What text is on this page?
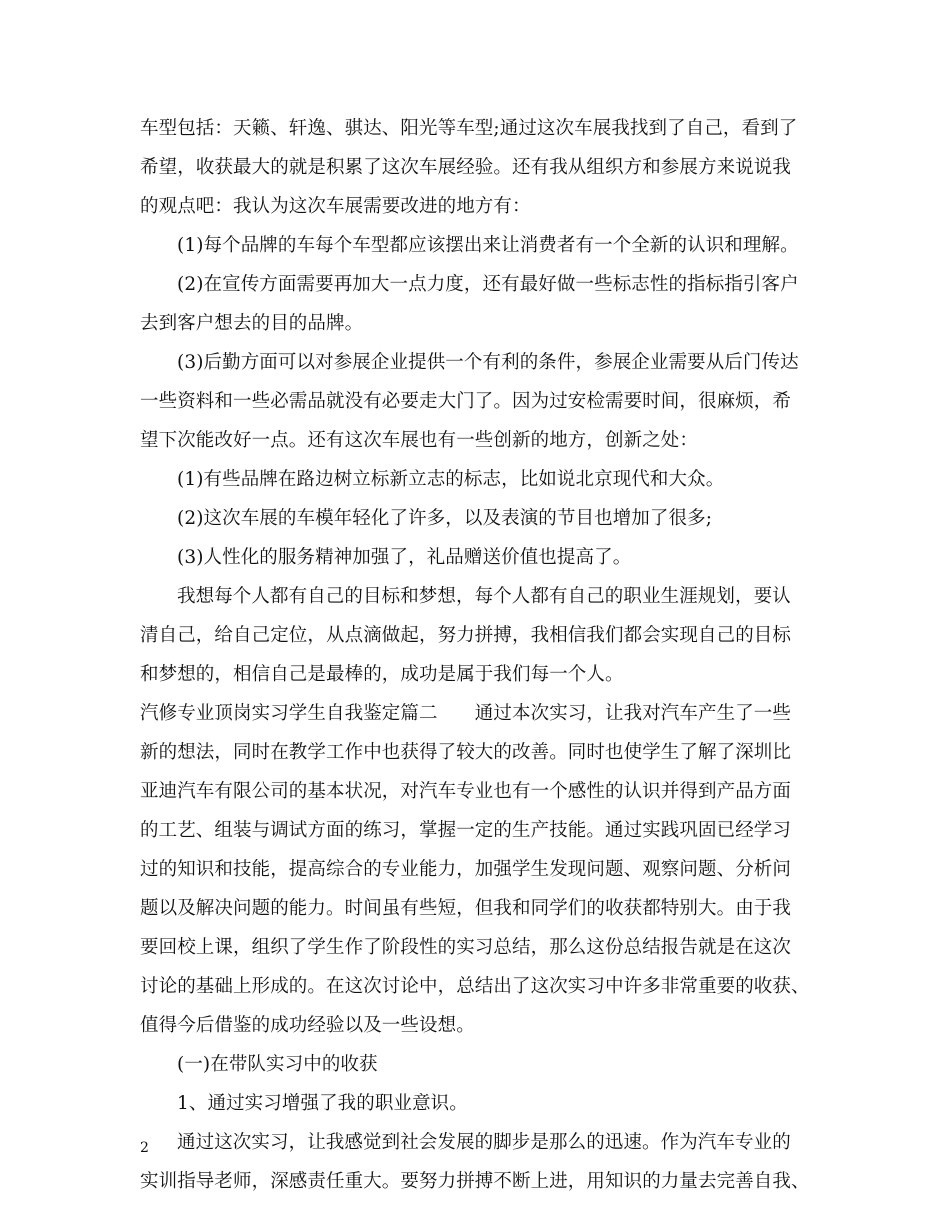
车型包括：天籁、轩逸、骐达、阳光等车型;通过这次车展我找到了自己，看到了
希望，收获最大的就是积累了这次车展经验。还有我从组织方和参展方来说说我
的观点吧：我认为这次车展需要改进的地方有：
(1)每个品牌的车每个车型都应该摆出来让消费者有一个全新的认识和理解。
(2)在宣传方面需要再加大一点力度，还有最好做一些标志性的指标指引客户
去到客户想去的目的品牌。
(3)后勤方面可以对参展企业提供一个有利的条件，参展企业需要从后门传达
一些资料和一些必需品就没有必要走大门了。因为过安检需要时间，很麻烦，希
望下次能改好一点。还有这次车展也有一些创新的地方，创新之处：
(1)有些品牌在路边树立标新立志的标志，比如说北京现代和大众。
(2)这次车展的车模年轻化了许多，以及表演的节目也增加了很多;
(3)人性化的服务精神加强了，礼品赠送价值也提高了。
我想每个人都有自己的目标和梦想，每个人都有自己的职业生涯规划，要认
清自己，给自己定位，从点滴做起，努力拼搏，我相信我们都会实现自己的目标
和梦想的，相信自己是最棒的，成功是属于我们每一个人。
汽修专业顶岗实习学生自我鉴定篇二　　通过本次实习，让我对汽车产生了一些
新的想法，同时在教学工作中也获得了较大的改善。同时也使学生了解了深圳比
亚迪汽车有限公司的基本状况，对汽车专业也有一个感性的认识并得到产品方面
的工艺、组装与调试方面的练习，掌握一定的生产技能。通过实践巩固已经学习
过的知识和技能，提高综合的专业能力，加强学生发现问题、观察问题、分析问
题以及解决问题的能力。时间虽有些短，但我和同学们的收获都特别大。由于我
要回校上课，组织了学生作了阶段性的实习总结，那么这份总结报告就是在这次
讨论的基础上形成的。在这次讨论中，总结出了这次实习中许多非常重要的收获、
值得今后借鉴的成功经验以及一些设想。
(一)在带队实习中的收获
1、通过实习增强了我的职业意识。
通过这次实习，让我感觉到社会发展的脚步是那么的迅速。作为汽车专业的
实训指导老师，深感责任重大。要努力拼搏不断上进，用知识的力量去完善自我、
2
